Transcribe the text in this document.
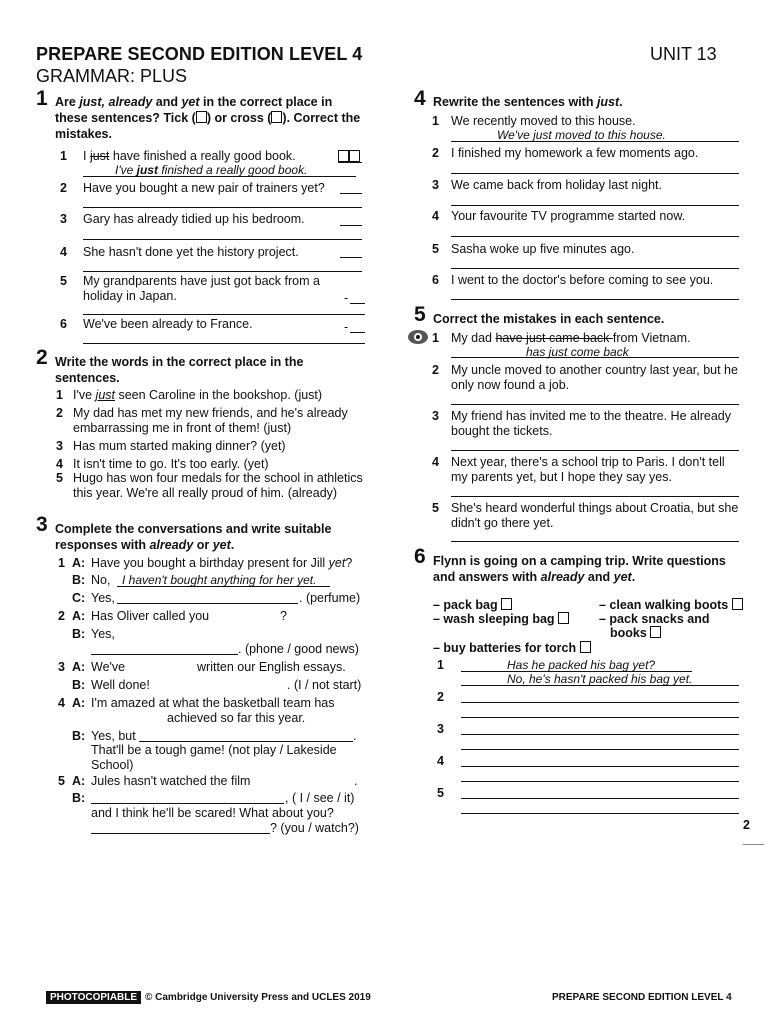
PREPARE SECOND EDITION LEVEL 4
GRAMMAR: PLUS
UNIT 13
1 Are just, already and yet in the correct place in these sentences? Tick ( ) or cross (☒). Correct the mistakes.
1 I just have finished a really good book.
I've just finished a really good book.
2 Have you bought a new pair of trainers yet?
3 Gary has already tidied up his bedroom.
4 She hasn't done yet the history project.
5 My grandparents have just got back from a holiday in Japan.	-
6 We've been already to France.	-
2 Write the words in the correct place in the sentences.
1 I've just seen Caroline in the bookshop. (just)
2 My dad has met my new friends, and he's already embarrassing me in front of them! (just)
3 Has mum started making dinner? (yet)
4 It isn't time to go. It's too early. (yet)
5 Hugo has won four medals for the school in athletics this year. We're all really proud of him. (already)
3 Complete the conversations and write suitable responses with already or yet.
1 A: Have you bought a birthday present for Jill yet?
B: No, I haven't bought anything for her yet.
C: Yes,	. (perfume)
2 A: Has Oliver called you	?
B: Yes,
. (phone / good news)
3 A: We've	written our English essays.
B: Well done!	. (I / not start)
4 A: I'm amazed at what the basketball team has
achieved so far this year.
B: Yes, but	.
That'll be a tough game! (not play / Lakeside School)
5 A: Jules hasn't watched the film	.
B:	, ( I / see / it)
and I think he'll be scared! What about you?
? (you / watch?)
4 Rewrite the sentences with just.
1 We recently moved to this house.
We've just moved to this house.
2 I finished my homework a few moments ago.
3 We came back from holiday last night.
4 Your favourite TV programme started now.
5 Sasha woke up five minutes ago.
6 I went to the doctor's before coming to see you.
5 Correct the mistakes in each sentence.
1 My dad have just came back from Vietnam.
has just come back
2 My uncle moved to another country last year, but he only now found a job.
3 My friend has invited me to the theatre. He already bought the tickets.
4 Next year, there's a school trip to Paris. I don't tell my parents yet, but I hope they say yes.
5 She's heard wonderful things about Croatia, but she didn't go there yet.
6 Flynn is going on a camping trip. Write questions and answers with already and yet.
– pack bag	– clean walking boots
– wash sleeping bag	– pack snacks and
books
– buy batteries for torch
1	Has he packed his bag yet?
No, he's hasn't packed his bag yet.
2
3
4
5
2 ___
PHOTOCOPIABLE © Cambridge University Press and UCLES 2019	PREPARE SECOND EDITION LEVEL 4
